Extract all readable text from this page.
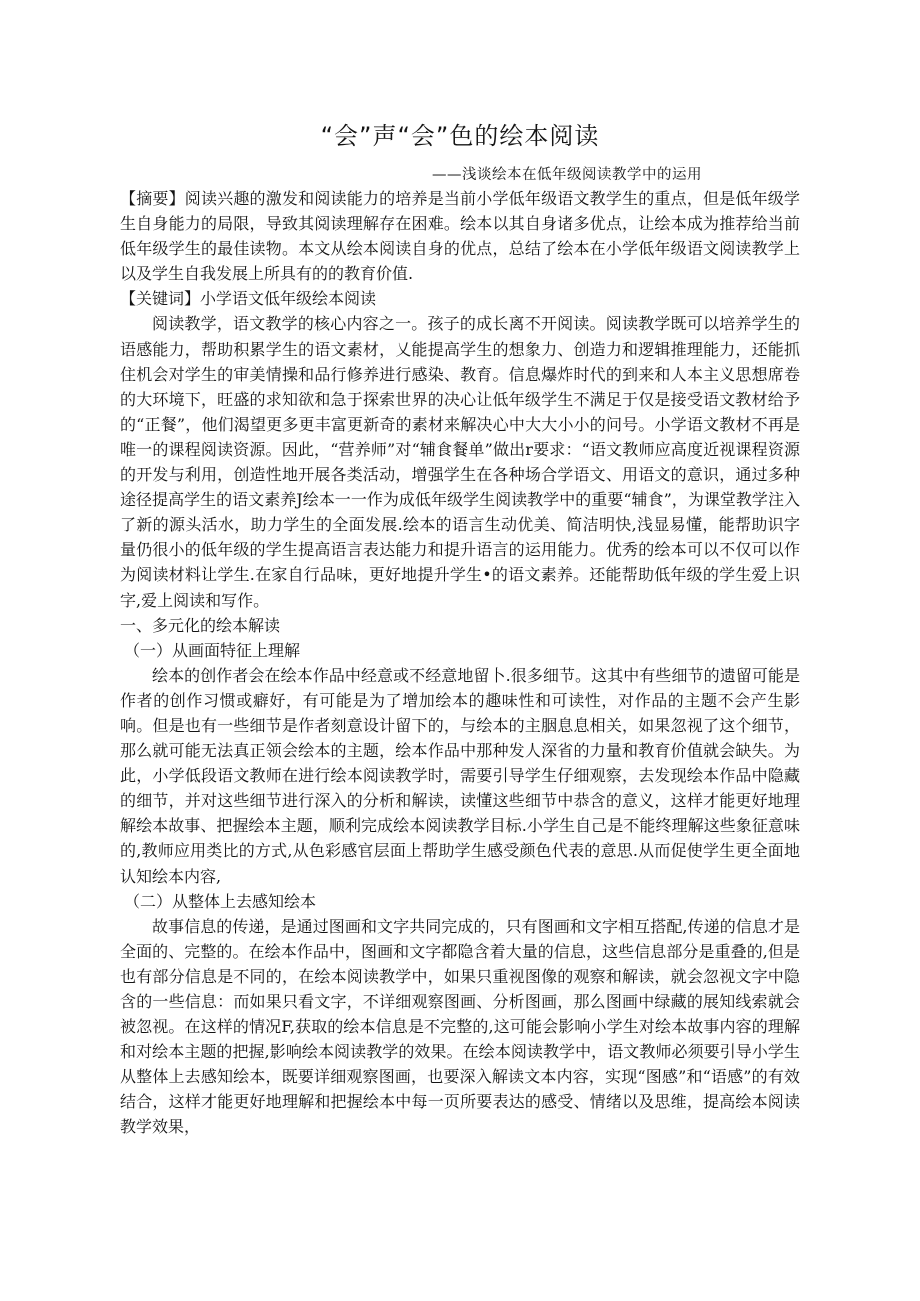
“会”声“会”色的绘本阅读

——浅谈绘本在低年级阅读教学中的运用

【摘要】阅读兴趣的激发和阅读能力的培养是当前小学低年级语文教学生的重点，但是低年级学生自身能力的局限，导致其阅读理解存在困难。绘本以其自身诸多优点，让绘本成为推荐给当前低年级学生的最佳读物。本文从绘本阅读自身的优点，总结了绘本在小学低年级语文阅读教学上以及学生自我发展上所具有的的教育价值.

【关键词】小学语文低年级绘本阅读

阅读教学，语文教学的核心内容之一。孩子的成长离不开阅读。阅读教学既可以培养学生的语感能力，帮助积累学生的语文素材，乂能提高学生的想象力、创造力和逻辑推理能力，还能抓住机会对学生的审美情操和品行修养进行感染、教育。信息爆炸时代的到来和人本主义思想席卷的大环境下，旺盛的求知欲和急于探索世界的决心让低年级学生不满足于仅是接受语文教材给予的“正餐”，他们渴望更多更丰富更新奇的素材来解决心中大大小小的问号。小学语文教材不再是唯一的课程阅读资源。因此，“营养师”对“辅食餐单”做出r要求：“语文教师应高度近视课程资源的开发与利用，创造性地开展各类活动，增强学生在各种场合学语文、用语文的意识，通过多种途径提高学生的语文素养J绘本一一作为成低年级学生阅读教学中的重要“辅食”，为课堂教学注入了新的源头活水，助力学生的全面发展.绘本的语言生动优美、简洁明快,浅显易懂，能帮助识字量仍很小的低年级的学生提高语言表达能力和提升语言的运用能力。优秀的绘本可以不仅可以作为阅读材料让学生.在家自行品味，更好地提升学生•的语文素养。还能帮助低年级的学生爱上识字,爱上阅读和写作。

一、多元化的绘本解读

（一）从画面特征上理解

绘本的创作者会在绘本作品中经意或不经意地留卜.很多细节。这其中有些细节的遗留可能是作者的创作习惯或癖好，有可能是为了增加绘本的趣味性和可读性，对作品的主题不会产生影响。但是也有一些细节是作者刻意设计留下的，与绘本的主胭息息相关，如果忽视了这个细节，那么就可能无法真正领会绘本的主题，绘本作品中那种发人深省的力量和教育价值就会缺失。为此，小学低段语文教师在进行绘本阅读教学时，需要引导学生仔细观察，去发现绘本作品中隐藏的细节，并对这些细节进行深入的分析和解读，读懂这些细节中恭含的意义，这样才能更好地理解绘本故事、把握绘本主题，顺利完成绘本阅读教学目标.小学生自己是不能终理解这些象征意味的,教师应用类比的方式,从色彩感官层面上帮助学生感受颜色代表的意思.从而促使学生更全面地认知绘本内容,

（二）从整体上去感知绘本

故事信息的传递，是通过图画和文字共同完成的，只有图画和文字相互搭配,传递的信息才是全面的、完整的。在绘本作品中，图画和文字都隐含着大量的信息，这些信息部分是重叠的,但是也有部分信息是不同的，在绘本阅读教学中，如果只重视图像的观察和解读，就会忽视文字中隐含的一些信息：而如果只看文字，不详细观察图画、分析图画，那么图画中绿藏的展知线索就会被忽视。在这样的情况F,获取的绘本信息是不完整的,这可能会影响小学生对绘本故事内容的理解和对绘本主题的把握,影响绘本阅读教学的效果。在绘本阅读教学中，语文教师必须要引导小学生从整体上去感知绘本，既要详细观察图画，也要深入解读文本内容，实现“图感”和“语感”的有效结合，这样才能更好地理解和把握绘本中每一页所要表达的感受、情绪以及思维，提高绘本阅读教学效果，
